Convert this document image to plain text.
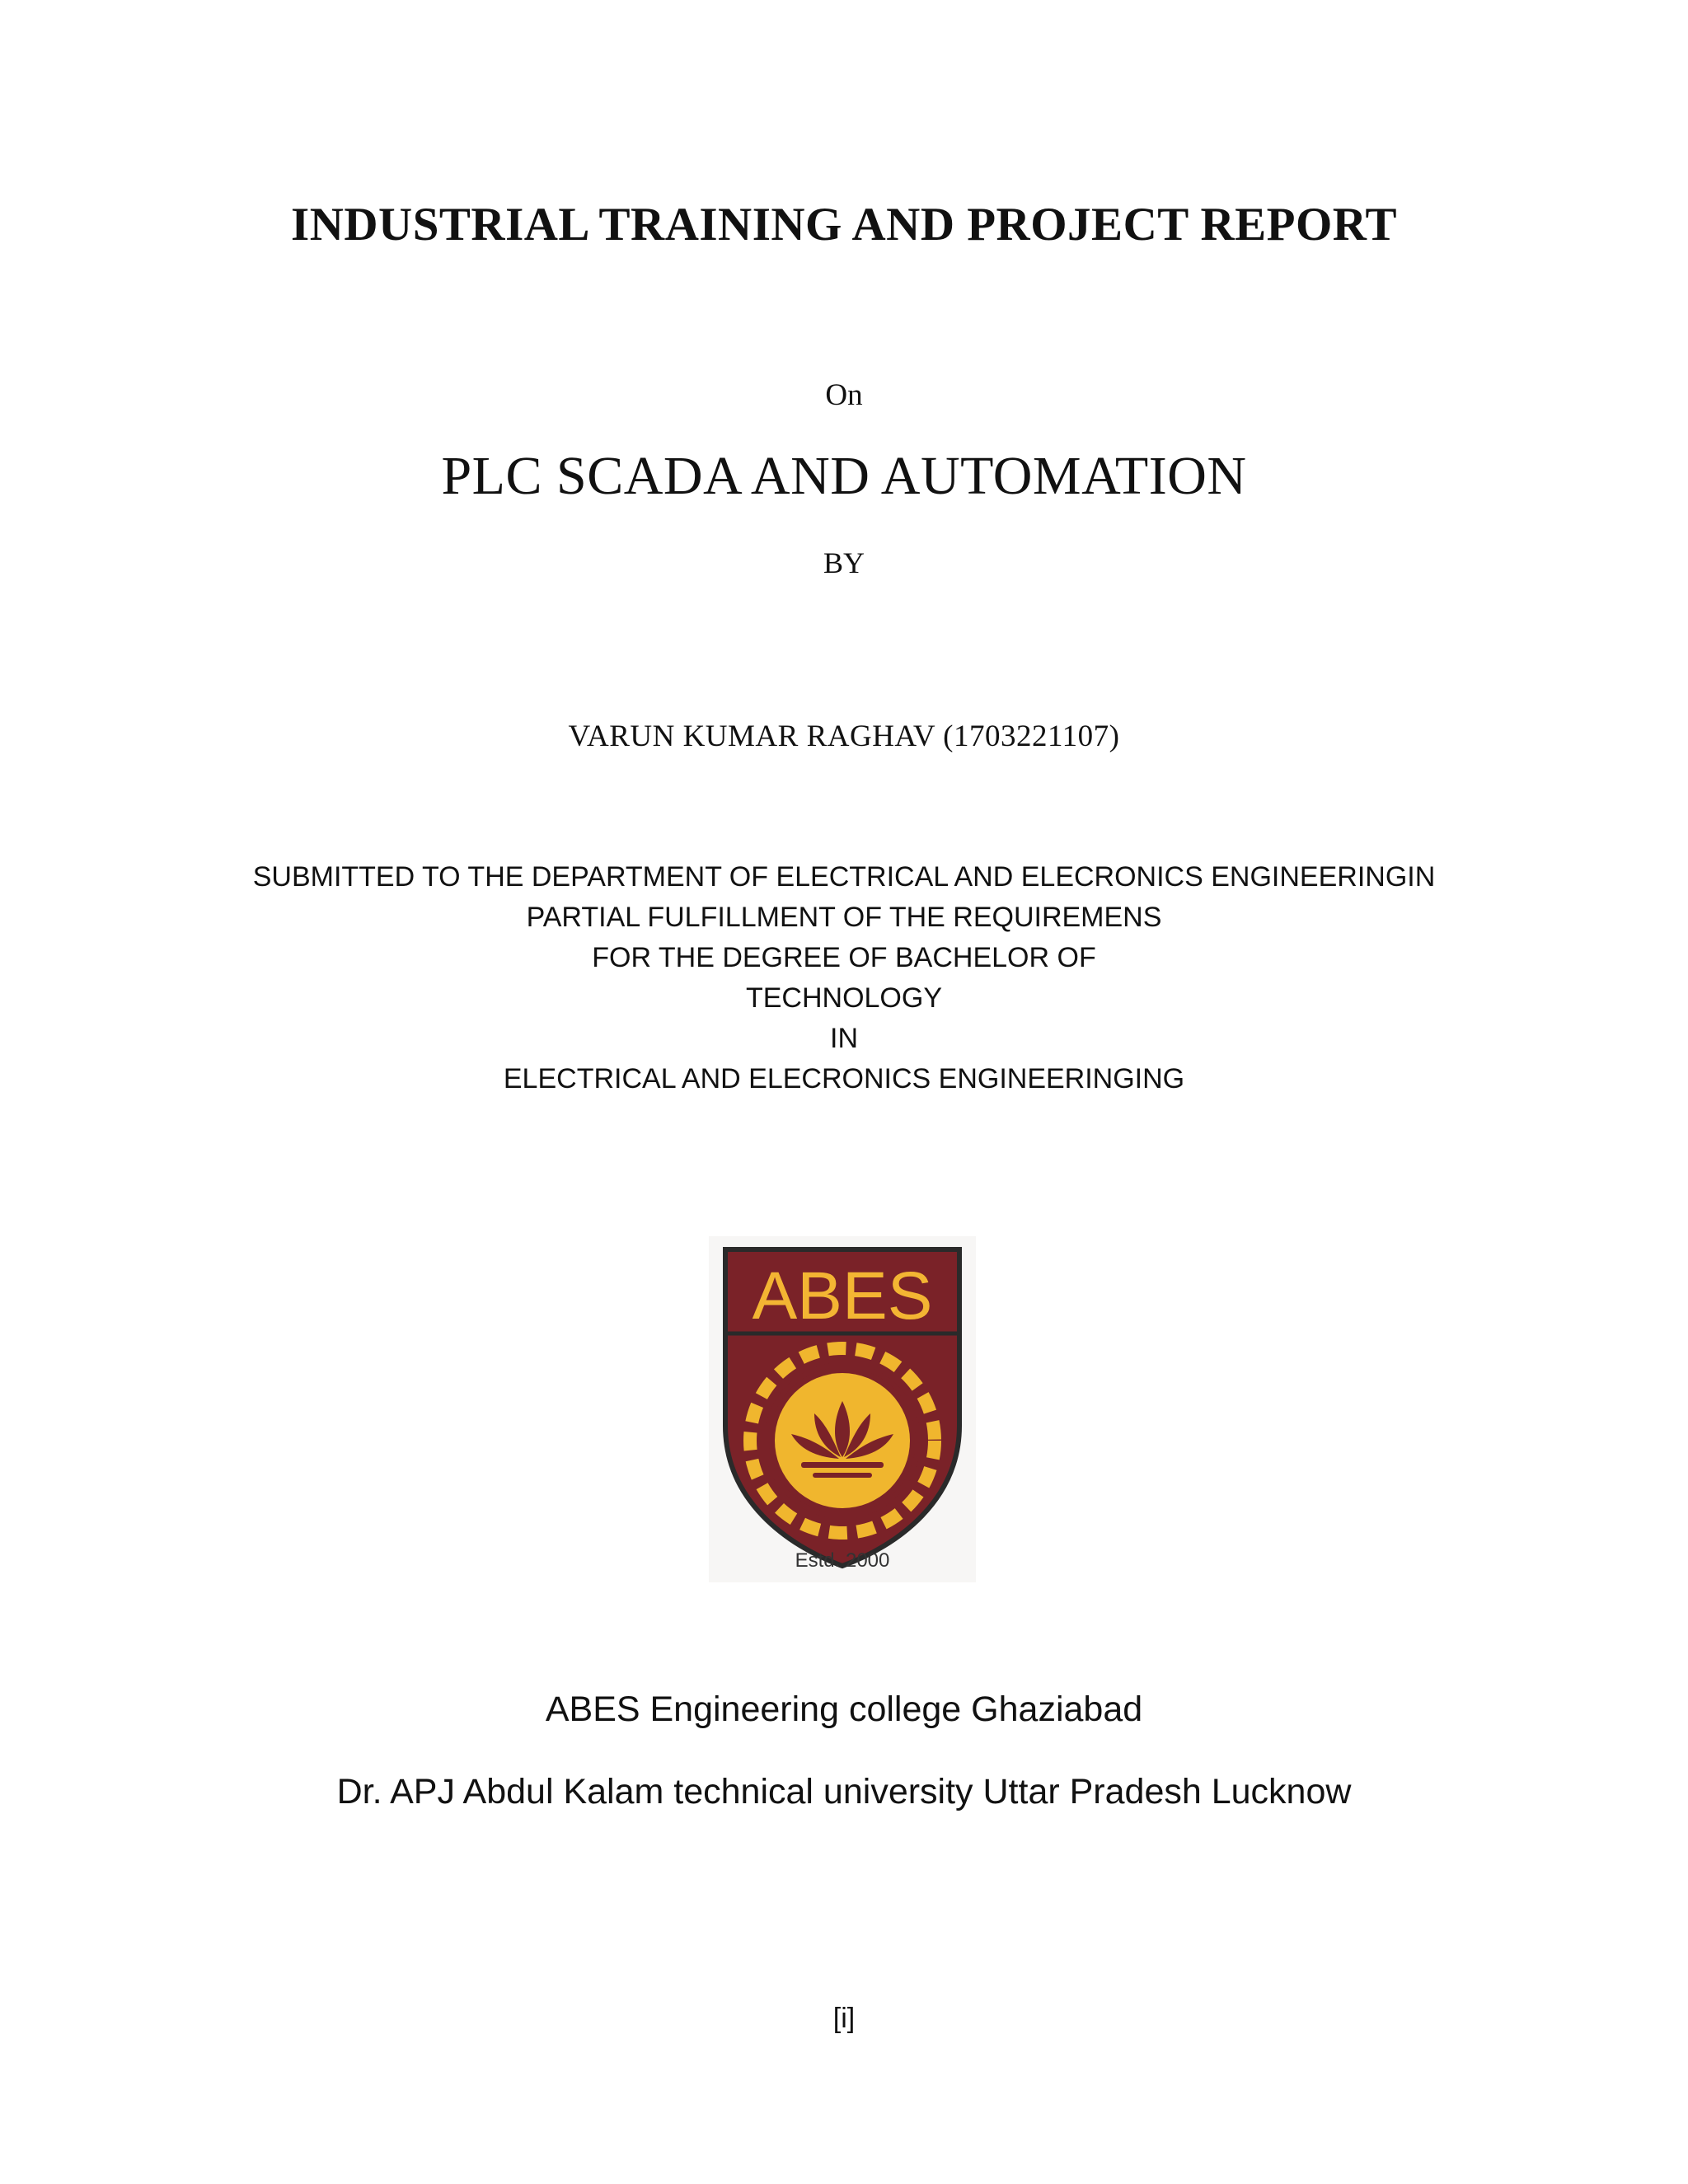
INDUSTRIAL TRAINING AND PROJECT REPORT
On
PLC SCADA AND AUTOMATION
BY
VARUN KUMAR RAGHAV (1703221107)
SUBMITTED TO THE DEPARTMENT OF ELECTRICAL AND ELECRONICS ENGINEERINGIN
PARTIAL FULFILLMENT OF THE REQUIREMENS
FOR THE DEGREE OF BACHELOR OF
TECHNOLOGY
IN
ELECTRICAL AND ELECRONICS ENGINEERINGING
ABES
Estd. 2000
ABES Engineering college Ghaziabad
Dr. APJ Abdul Kalam technical university Uttar Pradesh Lucknow
[i]
